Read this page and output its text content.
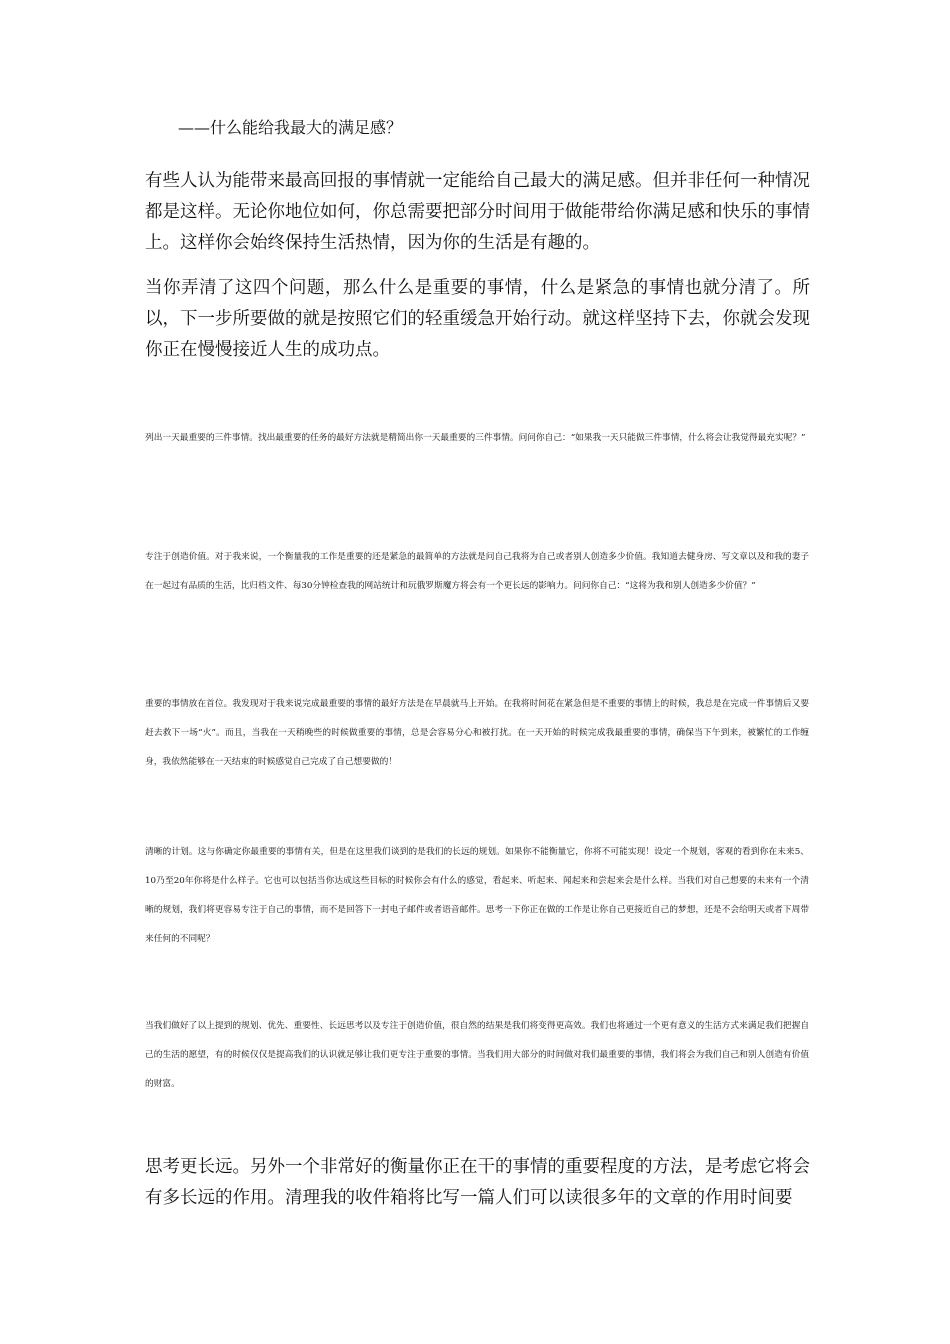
——什么能给我最大的满足感？

有些人认为能带来最高回报的事情就一定能给自己最大的满足感。但并非任何一种情况都是这样。无论你地位如何，你总需要把部分时间用于做能带给你满足感和快乐的事情上。这样你会始终保持生活热情，因为你的生活是有趣的。

当你弄清了这四个问题，那么什么是重要的事情，什么是紧急的事情也就分清了。所以，下一步所要做的就是按照它们的轻重缓急开始行动。就这样坚持下去，你就会发现你正在慢慢接近人生的成功点。

列出一天最重要的三件事情。找出最重要的任务的最好方法就是精简出你一天最重要的三件事情。问问你自己：“如果我一天只能做三件事情，什么将会让我觉得最充实呢？”

专注于创造价值。对于我来说，一个衡量我的工作是重要的还是紧急的最简单的方法就是问自己我将为自己或者别人创造多少价值。我知道去健身房、写文章以及和我的妻子在一起过有品质的生活，比归档文件、每30分钟检查我的网站统计和玩俄罗斯魔方将会有一个更长远的影响力。问问你自己：“这将为我和别人创造多少价值？”

重要的事情放在首位。我发现对于我来说完成最重要的事情的最好方法是在早晨就马上开始。在我将时间花在紧急但是不重要的事情上的时候，我总是在完成一件事情后又要赶去救下一场“火”。而且，当我在一天稍晚些的时候做重要的事情，总是会容易分心和被打扰。在一天开始的时候完成我最重要的事情，确保当下午到来，被繁忙的工作缠身，我依然能够在一天结束的时候感觉自己完成了自己想要做的！

清晰的计划。这与你确定你最重要的事情有关，但是在这里我们谈到的是我们的长远的规划。如果你不能衡量它，你将不可能实现！设定一个规划，客观的看到你在未来5、10乃至20年你将是什么样子。它也可以包括当你达成这些目标的时候你会有什么的感觉，看起来、听起来、闻起来和尝起来会是什么样。当我们对自己想要的未来有一个清晰的规划，我们将更容易专注于自己的事情，而不是回答下一封电子邮件或者语音邮件。思考一下你正在做的工作是让你自己更接近自己的梦想，还是不会给明天或者下周带来任何的不同呢？

当我们做好了以上提到的规划、优先、重要性、长远思考以及专注于创造价值，很自然的结果是我们将变得更高效。我们也将通过一个更有意义的生活方式来满足我们把握自己的生活的愿望，有的时候仅仅是提高我们的认识就足够让我们更专注于重要的事情。当我们用大部分的时间做对我们最重要的事情，我们将会为我们自己和别人创造有价值的财富。

思考更长远。另外一个非常好的衡量你正在干的事情的重要程度的方法，是考虑它将会有多长远的作用。清理我的收件箱将比写一篇人们可以读很多年的文章的作用时间要
